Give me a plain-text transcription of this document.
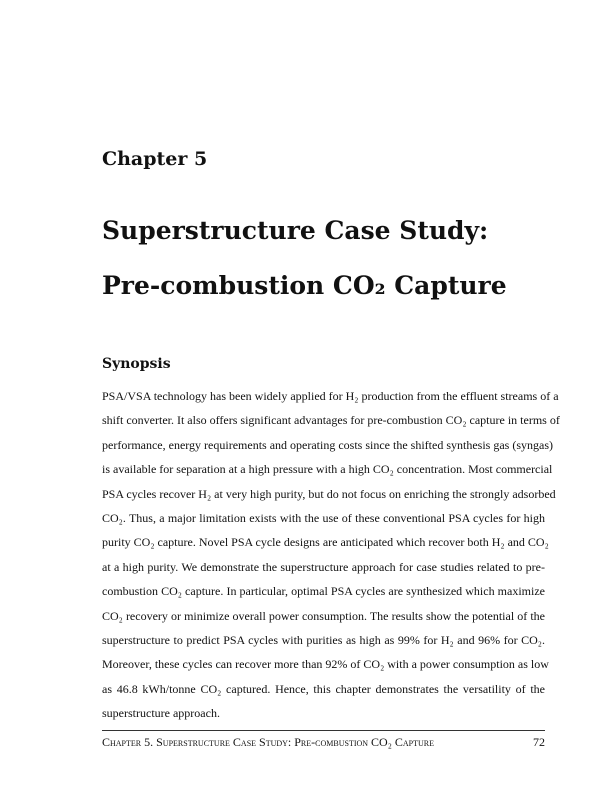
Chapter 5
Superstructure Case Study:
Pre-combustion CO₂ Capture
Synopsis
PSA/VSA technology has been widely applied for H₂ production from the effluent streams of a
shift converter. It also offers significant advantages for pre-combustion CO₂ capture in terms of
performance, energy requirements and operating costs since the shifted synthesis gas (syngas)
is available for separation at a high pressure with a high CO₂ concentration. Most commercial
PSA cycles recover H₂ at very high purity, but do not focus on enriching the strongly adsorbed
CO₂. Thus, a major limitation exists with the use of these conventional PSA cycles for high
purity CO₂ capture. Novel PSA cycle designs are anticipated which recover both H₂ and CO₂
at a high purity. We demonstrate the superstructure approach for case studies related to pre-
combustion CO₂ capture. In particular, optimal PSA cycles are synthesized which maximize
CO₂ recovery or minimize overall power consumption. The results show the potential of the
superstructure to predict PSA cycles with purities as high as 99% for H₂ and 96% for CO₂.
Moreover, these cycles can recover more than 92% of CO₂ with a power consumption as low
as 46.8 kWh/tonne CO₂ captured. Hence, this chapter demonstrates the versatility of the
superstructure approach.
Chapter 5. Superstructure Case Study: Pre-combustion CO₂ Capture	72
